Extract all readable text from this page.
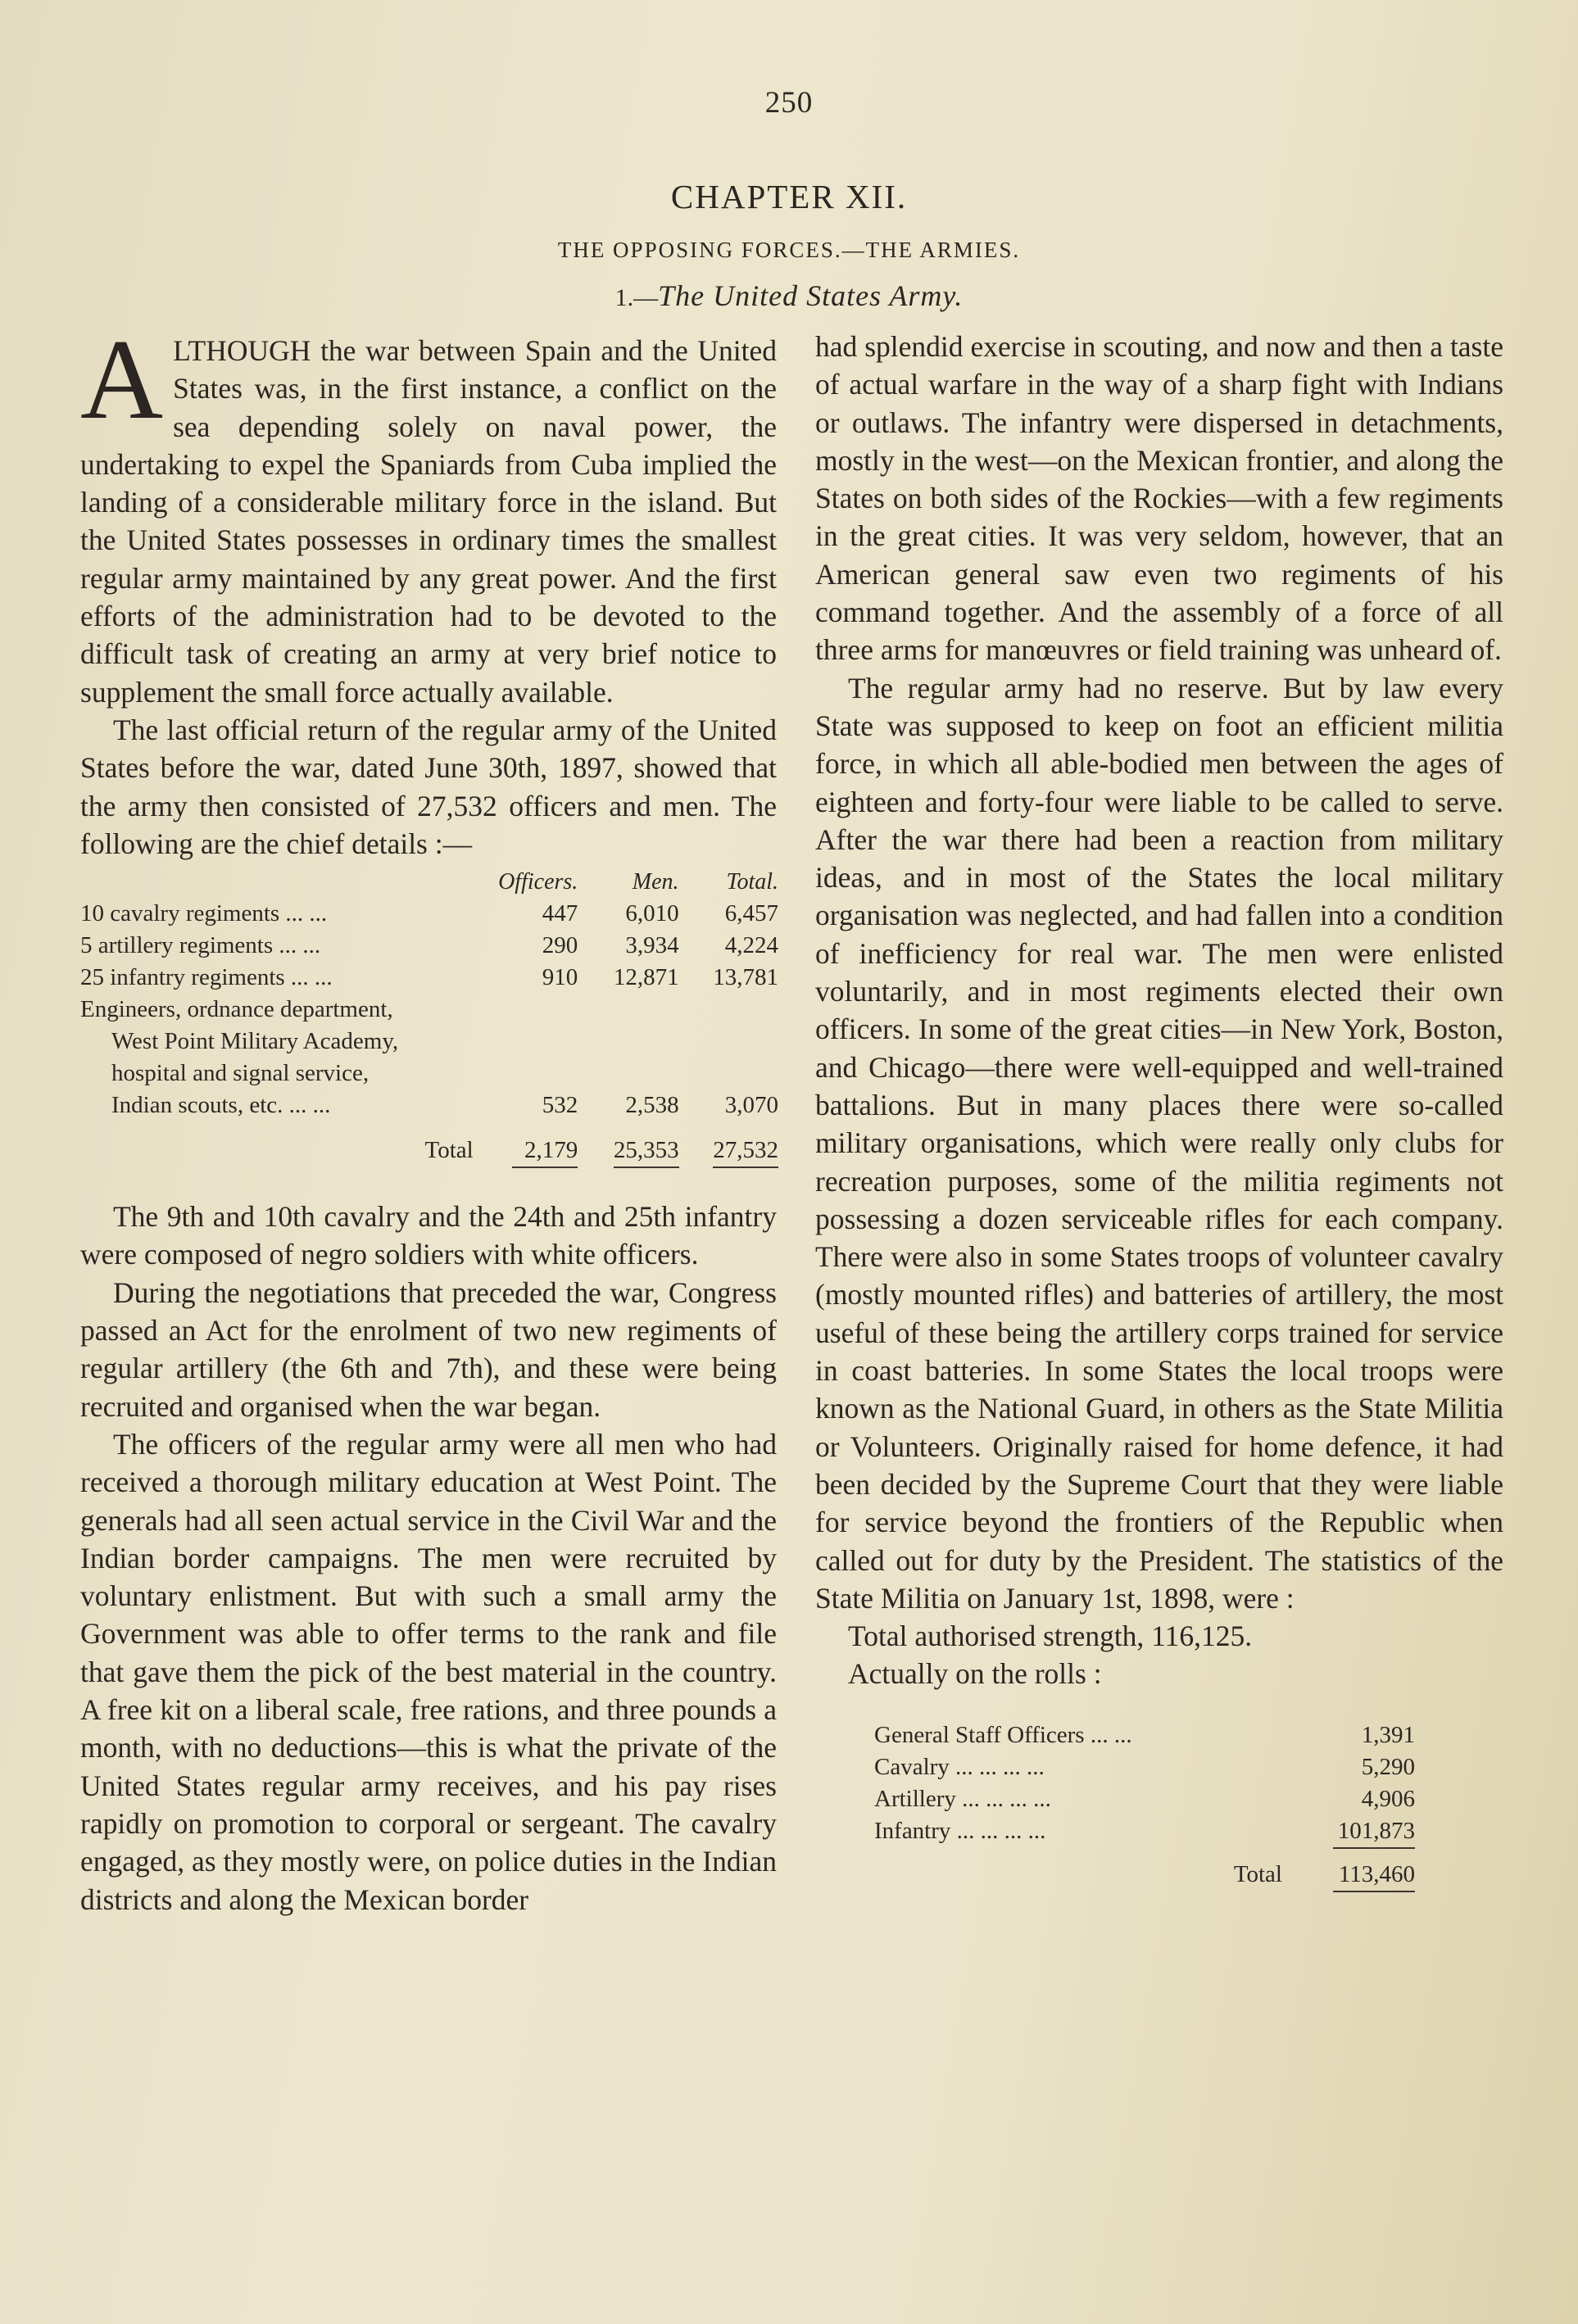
250
CHAPTER XII.
THE OPPOSING FORCES.—THE ARMIES.
1.—The United States Army.

ALTHOUGH the war between Spain and the United States was, in the first instance, a conflict on the sea depending solely on naval power, the undertaking to expel the Spaniards from Cuba implied the landing of a considerable military force in the island. But the United States possesses in ordinary times the smallest regular army maintained by any great power. And the first efforts of the administration had to be devoted to the difficult task of creating an army at very brief notice to supplement the small force actually available.

The last official return of the regular army of the United States before the war, dated June 30th, 1897, showed that the army then consisted of 27,532 officers and men. The following are the chief details :—

	Officers.	Men.	Total.
10 cavalry regiments ... ...	447	6,010	6,457
5 artillery regiments ... ...	290	3,934	4,224
25 infantry regiments ... ...	910	12,871	13,781
Engineers, ordnance department,			
West Point Military Academy,			
hospital and signal service,			
Indian scouts, etc. ... ...	532	2,538	3,070
Total	2,179	25,353	27,532

The 9th and 10th cavalry and the 24th and 25th infantry were composed of negro soldiers with white officers.

During the negotiations that preceded the war, Congress passed an Act for the enrolment of two new regiments of regular artillery (the 6th and 7th), and these were being recruited and organised when the war began.

The officers of the regular army were all men who had received a thorough military education at West Point. The generals had all seen actual service in the Civil War and the Indian border campaigns. The men were recruited by voluntary enlistment. But with such a small army the Government was able to offer terms to the rank and file that gave them the pick of the best material in the country. A free kit on a liberal scale, free rations, and three pounds a month, with no deductions—this is what the private of the United States regular army receives, and his pay rises rapidly on promotion to corporal or sergeant. The cavalry engaged, as they mostly were, on police duties in the Indian districts and along the Mexican border

had splendid exercise in scouting, and now and then a taste of actual warfare in the way of a sharp fight with Indians or outlaws. The infantry were dispersed in detachments, mostly in the west—on the Mexican frontier, and along the States on both sides of the Rockies—with a few regiments in the great cities. It was very seldom, however, that an American general saw even two regiments of his command together. And the assembly of a force of all three arms for manœuvres or field training was unheard of.

The regular army had no reserve. But by law every State was supposed to keep on foot an efficient militia force, in which all able-bodied men between the ages of eighteen and forty-four were liable to be called to serve. After the war there had been a reaction from military ideas, and in most of the States the local military organisation was neglected, and had fallen into a condition of inefficiency for real war. The men were enlisted voluntarily, and in most regiments elected their own officers. In some of the great cities—in New York, Boston, and Chicago—there were well-equipped and well-trained battalions. But in many places there were so-called military organisations, which were really only clubs for recreation purposes, some of the militia regiments not possessing a dozen serviceable rifles for each company. There were also in some States troops of volunteer cavalry (mostly mounted rifles) and batteries of artillery, the most useful of these being the artillery corps trained for service in coast batteries. In some States the local troops were known as the National Guard, in others as the State Militia or Volunteers. Originally raised for home defence, it had been decided by the Supreme Court that they were liable for service beyond the frontiers of the Republic when called out for duty by the President. The statistics of the State Militia on January 1st, 1898, were :

Total authorised strength, 116,125.

Actually on the rolls :

General Staff Officers ... ...	1,391
Cavalry ... ... ... ...	5,290
Artillery ... ... ... ...	4,906
Infantry ... ... ... ...	101,873

Total	113,460
